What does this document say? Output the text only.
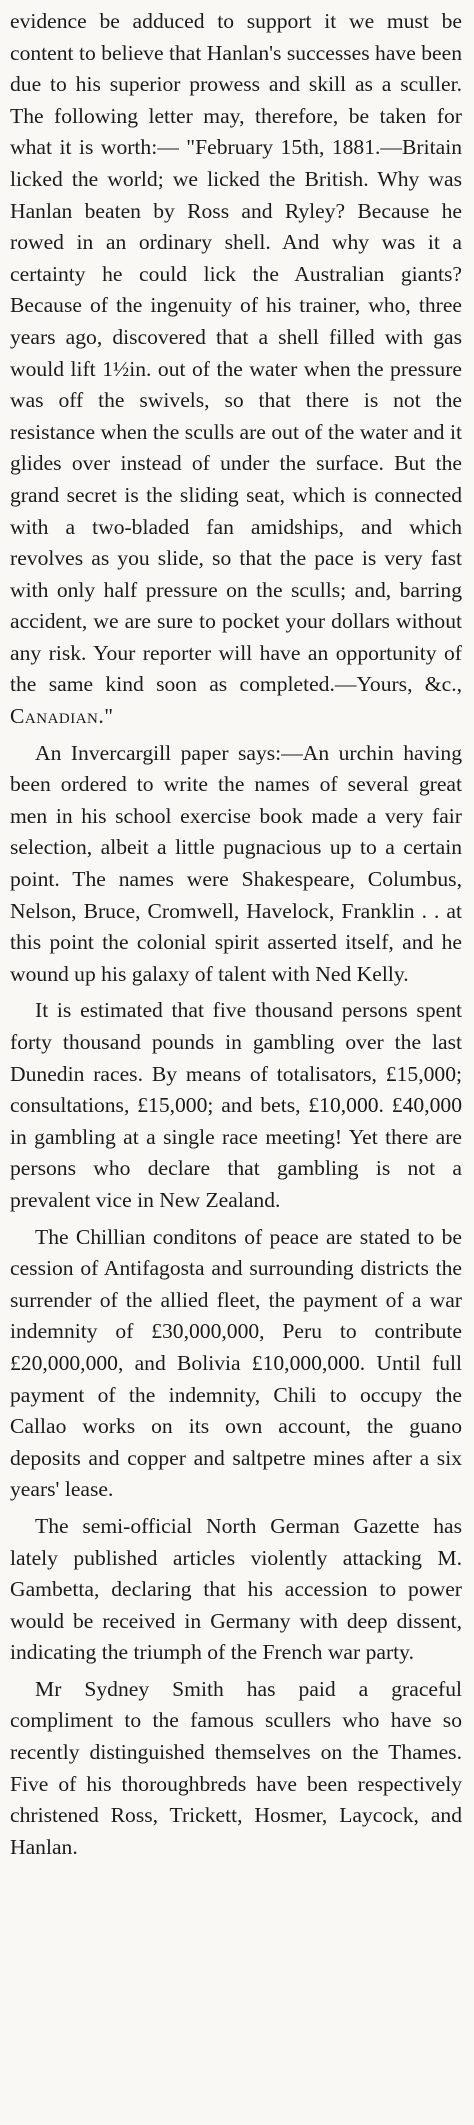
evidence be adduced to support it we must be content to believe that Hanlan's successes have been due to his superior prowess and skill as a sculler. The following letter may, therefore, be taken for what it is worth:— "February 15th, 1881.—Britain licked the world; we licked the British. Why was Hanlan beaten by Ross and Ryley? Because he rowed in an ordinary shell. And why was it a certainty he could lick the Australian giants? Because of the ingenuity of his trainer, who, three years ago, discovered that a shell filled with gas would lift 1½in. out of the water when the pressure was off the swivels, so that there is not the resistance when the sculls are out of the water and it glides over instead of under the surface. But the grand secret is the sliding seat, which is connected with a two-bladed fan amidships, and which revolves as you slide, so that the pace is very fast with only half pressure on the sculls; and, barring accident, we are sure to pocket your dollars without any risk. Your reporter will have an opportunity of the same kind soon as completed.—Yours, &c., Canadian."

An Invercargill paper says:—An urchin having been ordered to write the names of several great men in his school exercise book made a very fair selection, albeit a little pugnacious up to a certain point. The names were Shakespeare, Columbus, Nelson, Bruce, Cromwell, Havelock, Franklin . . at this point the colonial spirit asserted itself, and he wound up his galaxy of talent with Ned Kelly.

It is estimated that five thousand persons spent forty thousand pounds in gambling over the last Dunedin races. By means of totalisators, £15,000; consultations, £15,000; and bets, £10,000. £40,000 in gambling at a single race meeting! Yet there are persons who declare that gambling is not a prevalent vice in New Zealand.

The Chillian conditons of peace are stated to be cession of Antifagosta and surrounding districts the surrender of the allied fleet, the payment of a war indemnity of £30,000,000, Peru to contribute £20,000,000, and Bolivia £10,000,000. Until full payment of the indemnity, Chili to occupy the Callao works on its own account, the guano deposits and copper and saltpetre mines after a six years' lease.

The semi-official North German Gazette has lately published articles violently attacking M. Gambetta, declaring that his accession to power would be received in Germany with deep dissent, indicating the triumph of the French war party.

Mr Sydney Smith has paid a graceful compliment to the famous scullers who have so recently distinguished themselves on the Thames. Five of his thoroughbreds have been respectively christened Ross, Trickett, Hosmer, Laycock, and Hanlan.
